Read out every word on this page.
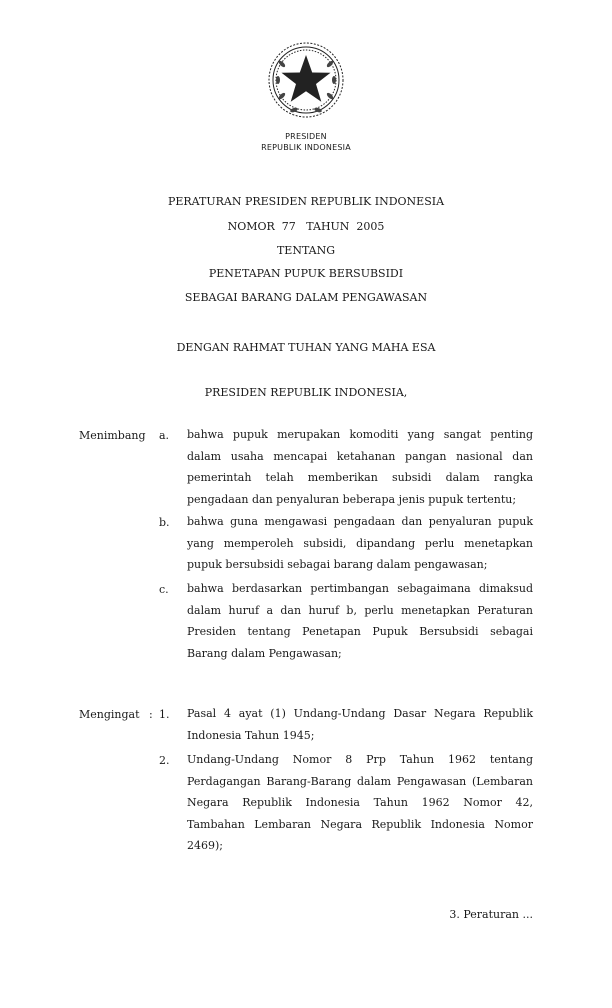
PRESIDEN
REPUBLIK INDONESIA
PERATURAN PRESIDEN REPUBLIK INDONESIA
NOMOR  77   TAHUN  2005
TENTANG
PENETAPAN PUPUK BERSUBSIDI
SEBAGAI BARANG DALAM PENGAWASAN
DENGAN RAHMAT TUHAN YANG MAHA ESA
PRESIDEN REPUBLIK INDONESIA,
Menimbang a. bahwa pupuk merupakan komoditi yang sangat penting dalam usaha mencapai ketahanan pangan nasional dan pemerintah telah memberikan subsidi dalam rangka pengadaan dan penyaluran beberapa jenis pupuk tertentu;

b. bahwa guna mengawasi pengadaan dan penyaluran pupuk yang memperoleh subsidi, dipandang perlu menetapkan pupuk bersubsidi sebagai barang dalam pengawasan;

c. bahwa berdasarkan pertimbangan sebagaimana dimaksud dalam huruf a dan huruf b, perlu menetapkan Peraturan Presiden tentang Penetapan Pupuk Bersubsidi sebagai Barang dalam Pengawasan;

Mengingat : 1. Pasal 4 ayat (1) Undang-Undang Dasar Negara Republik Indonesia Tahun 1945;

2. Undang-Undang Nomor 8 Prp Tahun 1962 tentang Perdagangan Barang-Barang dalam Pengawasan (Lembaran Negara Republik Indonesia Tahun 1962 Nomor 42, Tambahan Lembaran Negara Republik Indonesia Nomor 2469);

3. Peraturan ...
